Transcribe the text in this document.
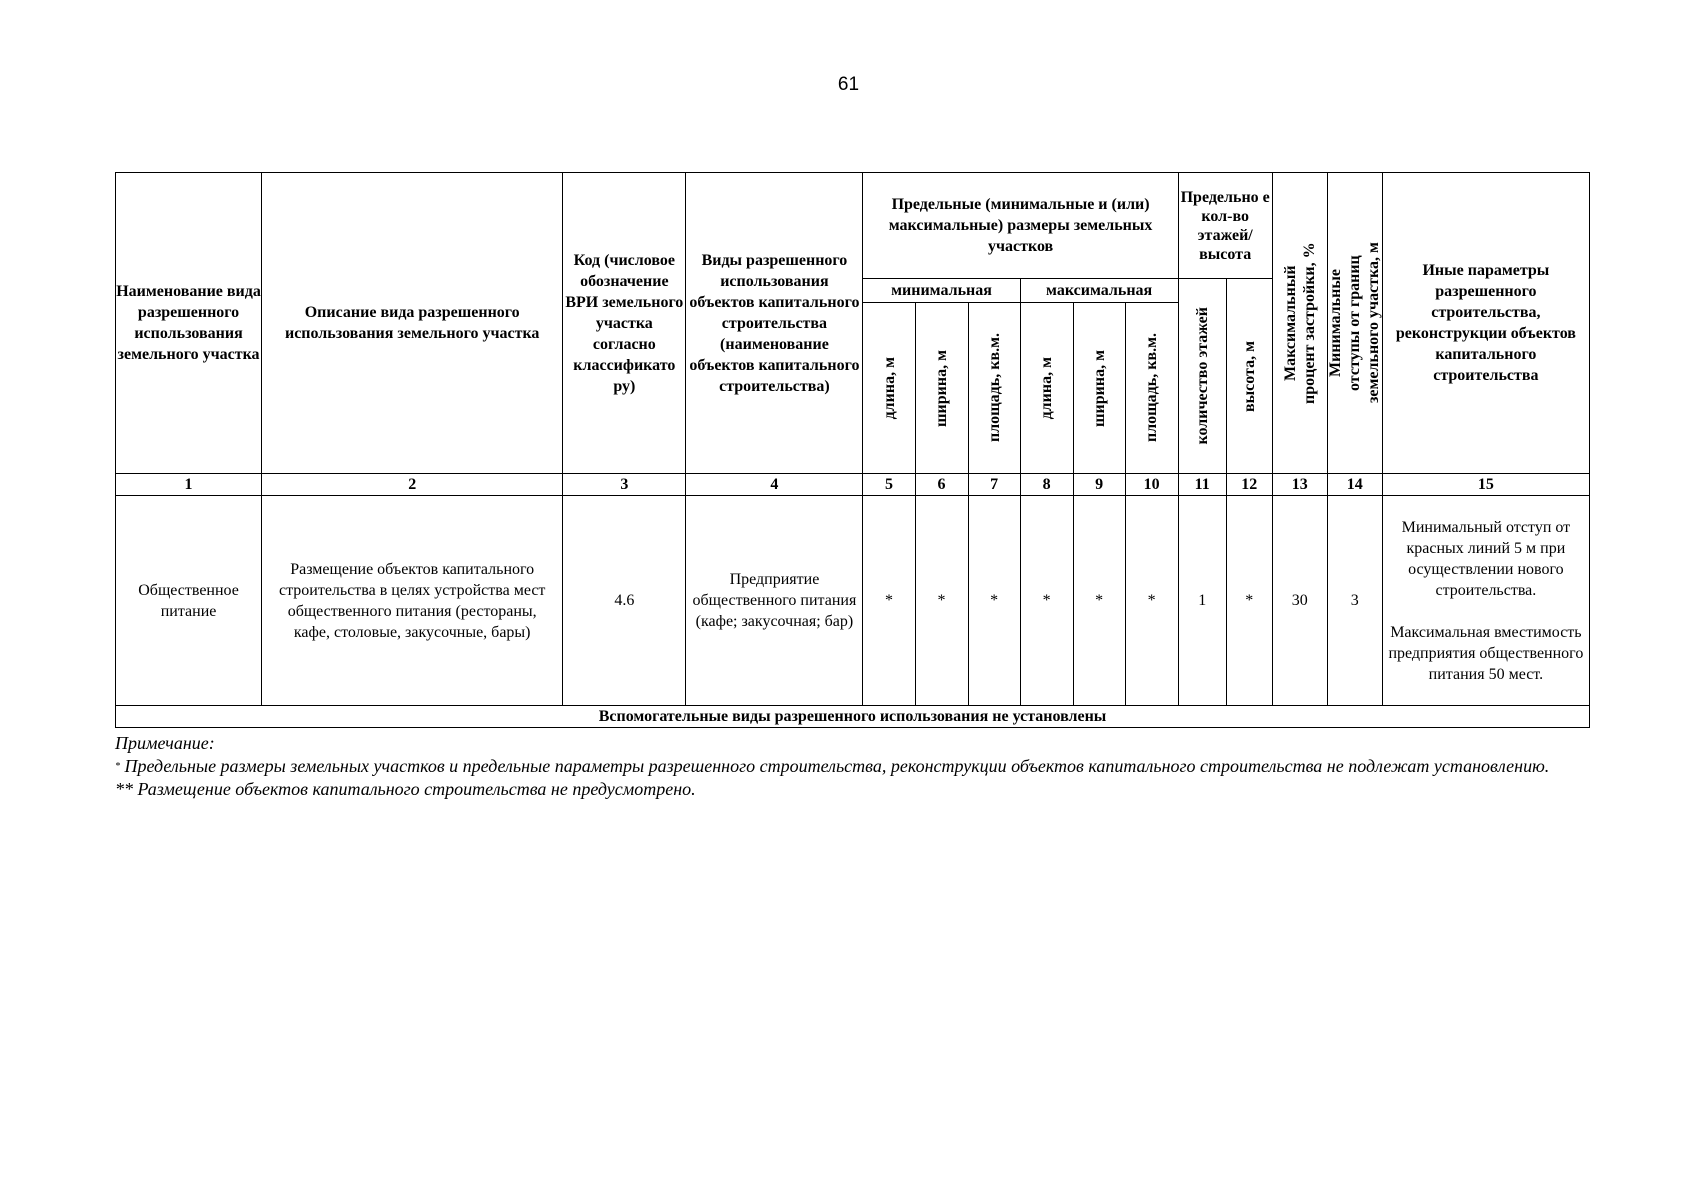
61
Наименование вида разрешенного использования земельного участка	Описание вида разрешенного использования земельного участка	Код (числовое обозначение ВРИ земельного участка согласно классификато ру)	Виды разрешенного использования объектов капитального строительства (наименование объектов капитального строительства)	Предельные (минимальные и (или) максимальные) размеры земельных участков						Предельно е кол-во этажей/ высота		Максимальный процент застройки, %	Минимальные отступы от границ земельного участка, м	Иные параметры разрешенного строительства, реконструкции объектов капитального строительства
				минимальная			максимальная			количество этажей	высота, м			

				длина, м	ширина, м	площадь, кв.м.	длина, м	ширина, м	площадь, кв.м.					

1	2	3	4	5	6	7	8	9	10	11	12	13	14	15
Общественное питание	Размещение объектов капитального строительства в целях устройства мест общественного питания (рестораны, кафе, столовые, закусочные, бары)	4.6	Предприятие общественного питания (кафе; закусочная; бар)	*	*	*	*	*	*	1	*	30	3	Минимальный отступ от красных линий 5 м при осуществлении нового строительства.
Максимальная вместимость предприятия общественного питания 50 мест.

Вспомогательные виды разрешенного использования не установлены														

Примечание:

* Предельные размеры земельных участков и предельные параметры разрешенного строительства, реконструкции объектов капитального строительства не подлежат установлению.

** Размещение объектов капитального строительства не предусмотрено.
